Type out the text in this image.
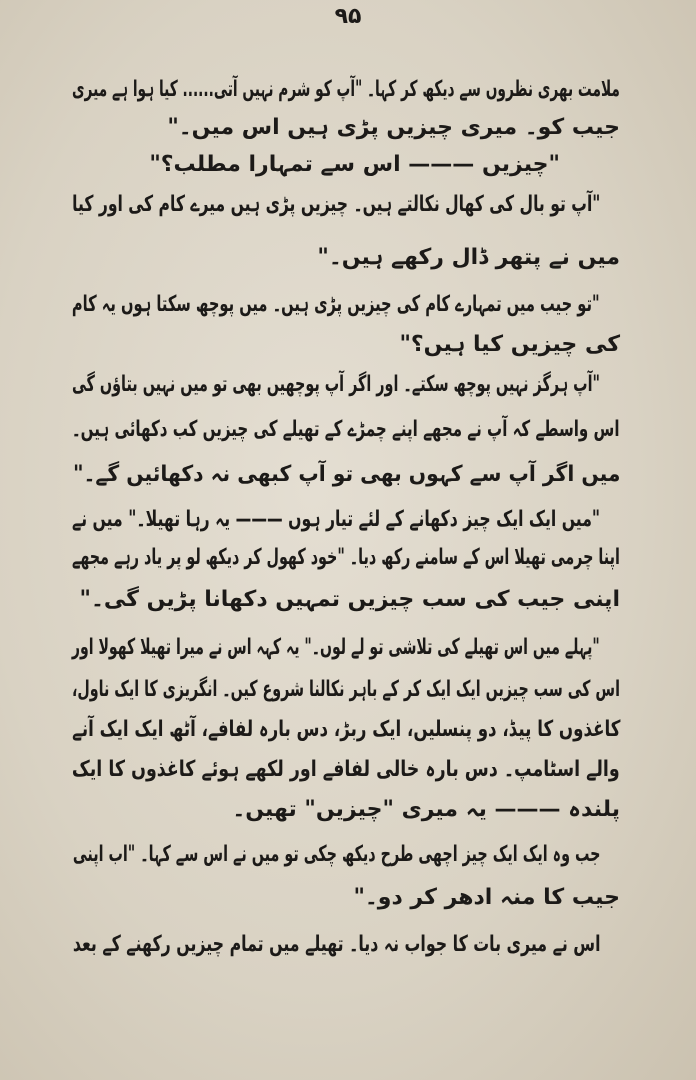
۹۵
ملامت بھری نظروں سے دیکھ کر کہا۔ "آپ کو شرم نہیں آتی...... کیا ہوا ہے میری
جیب کو۔ میری چیزیں پڑی ہیں اس میں۔"
"چیزیں ——— اس سے تمہارا مطلب؟"
"آپ تو بال کی کھال نکالتے ہیں۔ چیزیں پڑی ہیں میرے کام کی اور کیا
میں نے پتھر ڈال رکھے ہیں۔"
"تو جیب میں تمہارے کام کی چیزیں پڑی ہیں۔ میں پوچھ سکتا ہوں یہ کام
کی چیزیں کیا ہیں؟"
"آپ ہرگز نہیں پوچھ سکتے۔ اور اگر آپ پوچھیں بھی تو میں نہیں بتاؤں گی
اس واسطے کہ آپ نے مجھے اپنے چمڑے کے تھیلے کی چیزیں کب دکھائی ہیں۔
میں اگر آپ سے کہوں بھی تو آپ کبھی نہ دکھائیں گے۔"
"میں ایک ایک چیز دکھانے کے لئے تیار ہوں ——— یہ رہا تھیلا۔" میں نے
اپنا چرمی تھیلا اس کے سامنے رکھ دیا۔ "خود کھول کر دیکھ لو پر یاد رہے مجھے
اپنی جیب کی سب چیزیں تمہیں دکھانا پڑیں گی۔"
"پہلے میں اس تھیلے کی تلاشی تو لے لوں۔" یہ کہہ اس نے میرا تھیلا کھولا اور
اس کی سب چیزیں ایک ایک کر کے باہر نکالنا شروع کیں۔ انگریزی کا ایک ناول،
کاغذوں کا پیڈ، دو پنسلیں، ایک ربڑ، دس بارہ لفافے، آٹھ ایک ایک آنے
والے اسٹامپ۔ دس بارہ خالی لفافے اور لکھے ہوئے کاغذوں کا ایک
پلندہ ——— یہ میری "چیزیں" تھیں۔
جب وہ ایک ایک چیز اچھی طرح دیکھ چکی تو میں نے اس سے کہا۔ "اب اپنی
جیب کا منہ ادھر کر دو۔"
اس نے میری بات کا جواب نہ دیا۔ تھیلے میں تمام چیزیں رکھنے کے بعد
